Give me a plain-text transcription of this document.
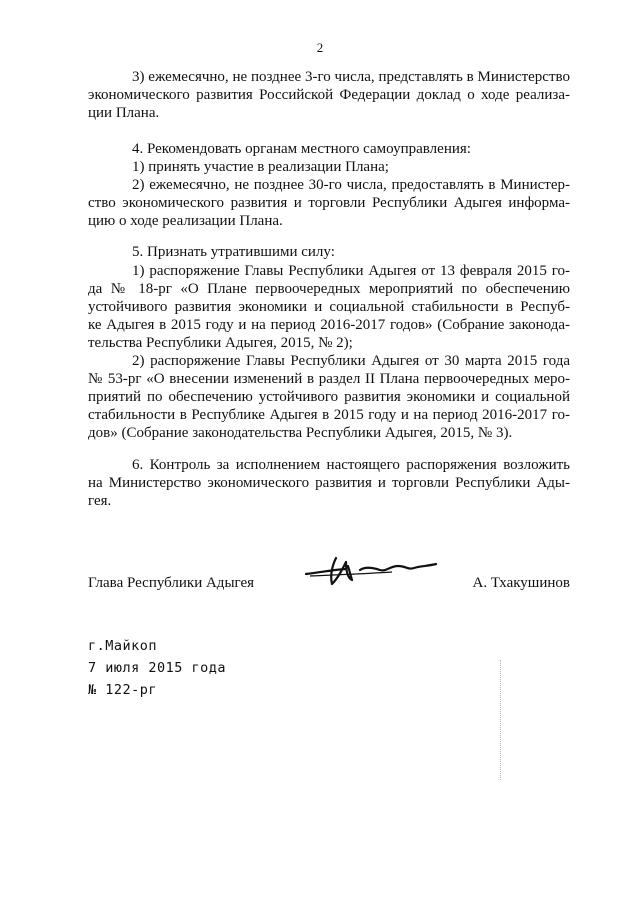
2
3) ежемесячно, не позднее 3-го числа, представлять в Министерство
экономического развития Российской Федерации доклад о ходе реализа-
ции Плана.
4. Рекомендовать органам местного самоуправления:
1) принять участие в реализации Плана;
2) ежемесячно, не позднее 30-го числа, предоставлять в Министер-
ство экономического развития и торговли Республики Адыгея информа-
цию о ходе реализации Плана.
5. Признать утратившими силу:
1) распоряжение Главы Республики Адыгея от 13 февраля 2015 го-
да № 18-рг «О Плане первоочередных мероприятий по обеспечению
устойчивого развития экономики и социальной стабильности в Респуб-
ке Адыгея в 2015 году и на период 2016-2017 годов» (Собрание законода-
тельства Республики Адыгея, 2015, № 2);
2) распоряжение Главы Республики Адыгея от 30 марта 2015 года
№ 53-рг «О внесении изменений в раздел II Плана первоочередных меро-
приятий по обеспечению устойчивого развития экономики и социальной
стабильности в Республике Адыгея в 2015 году и на период 2016-2017 го-
дов» (Собрание законодательства Республики Адыгея, 2015, № 3).
6. Контроль за исполнением настоящего распоряжения возложить
на Министерство экономического развития и торговли Республики Ады-
гея.
Глава Республики Адыгея	А. Тхакушинов
г.Майкоп
7 июля 2015 года
№ 122-рг
